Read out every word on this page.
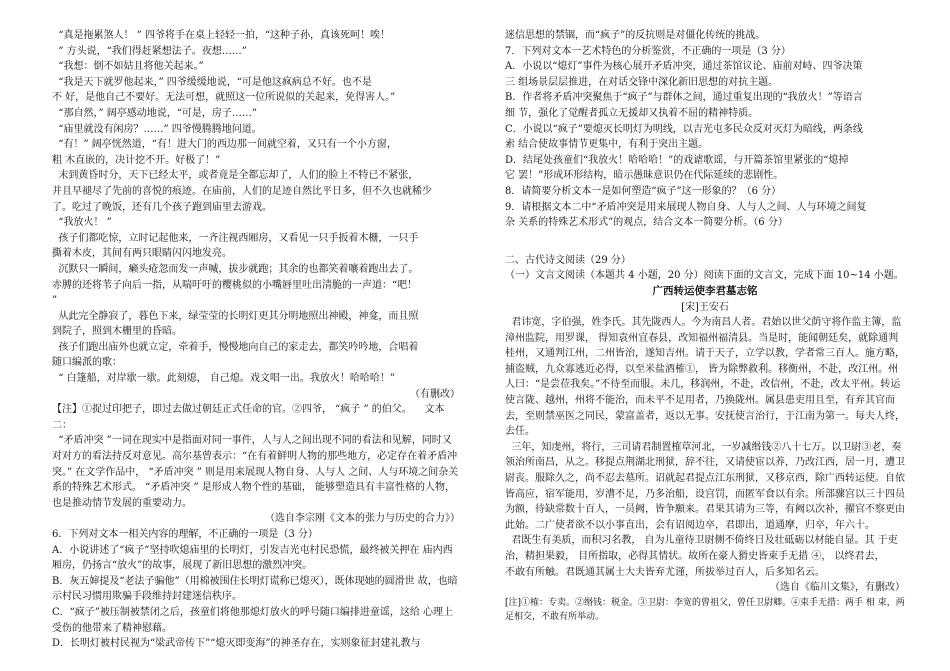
“真是拖累煞人！ ” 四爷将手在桌上轻轻一拍，“这种子孙，真该死呵！唉！

” 方头说，“我们得赶紧想法子。夜想……”

“我想：倒不如姑且将他关起来。”

“我是天下就罗他起来，” 四爷缓缓地说，“可是他这疯病总不好。也不是

不 好，是他自己不要好。无法可想，就照这一位所说似的关起来，免得害人。”

“那自然，” 阔亭感动地说，“可是，房子……”

“庙里就没有闲房？……” 四爷慢腾腾地问道。

“有！” 阔亭恍然道，“有！进大门的西边那一间就空着，又只有一个小方窗，

粗 木直嵌的，决计挖不开。好极了！”

末到黄昏时分，天下已经太平，或者竟是全都忘却了，人们的脸上不特已不紧张，

并且早褪尽了先前的喜悦的痕迹。在庙前，人们的足迹自然比平日多，但不久也就稀少

了。吃过了晚饭，还有几个孩子跑到庙里去游戏。

“我放火！ ”

孩子们都吃惊，立时记起他来，一齐注视西厢房，又看见一只手扳着木栅，一只手

撕着木皮，其间有两只眼睛闪闪地发亮。

沉默只一瞬间，癞头疮忽而发一声喊，拔步就跑；其余的也都笑着嚷着跑出去了。

赤膊的还将苇子向后一指，从喘吁吁的樱桃似的小嘴唇里吐出清脆的一声道：“吧！

”

从此完全静寂了，暮色下来，绿莹莹的长明灯更其分明地照出神殿，神龛，而且照

到院子，照到木栅里的昏暗。

孩子们跑出庙外也就立定，牵着手，慢慢地向自己的家走去，都笑吟吟地，合唱着

随口编派的歌：

“ 白篷船，对岸歇一歇。此刻熄， 自己熄。戏文唱一出。我放火！哈哈哈！”

（有删改）

【注】①捉过印把子，即过去做过朝廷正式任命的官。②四爷， “疯子 ” 的伯父。    文本二：

“矛盾冲突 ”一词在现实中是指面对同一事件，人与人之间出现不同的看法和见解，同时又对对方的看法持反对意见。高尔基曾表示：“在有着鲜明人物的那些地方，必定存在着矛盾冲突。” 在文学作品中， “矛盾冲突 ” 则是用来展现人物自身、人与人 之间、人与环境之间杂关系的特殊艺术形式。 “矛盾冲突 ” 是形成人物个性的基础， 能够塑造具有丰富性格的人物，也是推动情节发展的重要动力。

（选自李宗刚《文本的张力与历史的合力》）

6．下列对文本一相关内容的理解，不正确的一项是（3 分）

A．小说讲述了“疯子”坚持吹熄庙里的长明灯，引发吉光屯村民恐慌，最终被关押在 庙内西厢房，仍扬言“放火”的故事，展现了新旧思想的激烈冲突。

B．灰五婶提及“老法子骗他”（用棉被围住长明灯谎称已熄灭），既体现她的圆滑世 故，也暗示村民习惯用欺骗手段维持封建迷信秩序。

C．“疯子”被压制被禁闭之后，孩童们将他那熄灯放火的呼号随口编排进童谣，这给 心理上受伤的他带来了精神慰藉。

D．长明灯被村民视为“梁武帝传下”“熄灭即变海”的神圣存在，实则象征封建礼教与

迷信思想的禁锢，而“疯子”的反抗则是对僵化传统的挑战。

7．下列对文本一艺术特色的分析鉴赏，不正确的一项是（3 分）

A．小说以“熄灯”事件为核心展开矛盾冲突，通过茶馆议论、庙前对峙、四爷决策

三 组场景层层推进，在对话交锋中深化新旧思想的对抗主题。

B．作者将矛盾冲突聚焦于“疯子”与群体之间，通过重复出现的“我放火！”等语言

细 节，强化了觉醒者孤立无援却又执着不屈的精神特质。

C．小说以“疯子”要熄灭长明灯为明线，以吉光屯多民众反对灭灯为暗线，两条线

索 结合使故事情节更集中，有利于突出主题。

D．结尾处孩童们“我放火！哈哈哈！”的戏谑歌谣，与开篇茶馆里紧张的“熄掉

它 罢！”形成环形结构，暗示愚昧意识仍在代际延续的悲剧性。

8．请简要分析文本一是如何塑造“疯子”这一形象的？（6 分）

9．请根据文本二中“矛盾冲突是用来展现人物自身、人与人之间、人与环境之间复

杂 关系的特殊艺术形式”的观点，结合文本一简要分析。（6 分）

二、古代诗文阅读（29 分）

（一）文言文阅读（本题共 4 小题，20 分）阅读下面的文言文，完成下面 10~14 小题。

广西转运使李君墓志铭

[宋]王安石

君讳宽，字伯强，姓李氏。其先陇西人。今为南昌人者。君始以世父荫守将作监主簿，监漳州监院，用罗课， 得知袁州宜春县，改知福州福清县。当是时，能闻朝廷矣，就除通判桂州，又通判江州，二州皆治，遂知吉州。请于天子，立学以教，学者常三百人。施方略，捕盗贼，九众寡逃近必得，以至米盐酒榷①， 皆为除弊救利。移衡州，不赴，改江州。州人曰：“是尝莅我矣。”不待至而服。未几，移润州，不赴，改信州，不赴，改太平州。转运使言陇、越州，州将不能治，而未平不足用者，乃换陇州。属县患吏用且至，有弃其官而去，至则禁巫医之同民，蒙富盖者，返以无事。安抚使言治行，于江南为第一。每夫人终，去任。

三年，知虔州，将行，三司请君制置榷草河北，一岁减缗钱②八十七万。以卫尉③老，奏领治所南昌，从之。移提点荆湖北刑狱，辞不往，又请使宦以养，乃改江西，居一月，遭卫尉丧。服除久之，尚不忍去墓所。诏就起君提点江东刑狱，又移京西，除广西转运使。自依皆高应，宿军能用，岁漕不足，乃多治船，设宫罚，而匿军食以有余。所部骤宫以三十四员为额，待缺常数十百人，一员阙，皆争願来。君果其请为三等，有阙以次补，擢官不察更由此始。二广使者欲不以小事直出，会有诏阅边卒，君即出，道通摩，归卒，年六十。

君既生有美质，而积习名教， 自为儿童待卫尉侧不倚终日及壮砥砺以材能自显。其 于吏治，精担果毅， 目所指取，必得其情状。故所在豪人猾史皆束手无措 ④， 以终君去，

不敢有所触。君既通其属士大夫皆弃尤谨，所拔举过百人，后多知名云。

（选自《临川文集》，有删改）

[注]①榷：专卖。②缗钱：税金。③卫尉：李宽的曾祖父，曾任卫尉卿。④束手无措：两手 相 束，两足相交，不敢有所举动。
